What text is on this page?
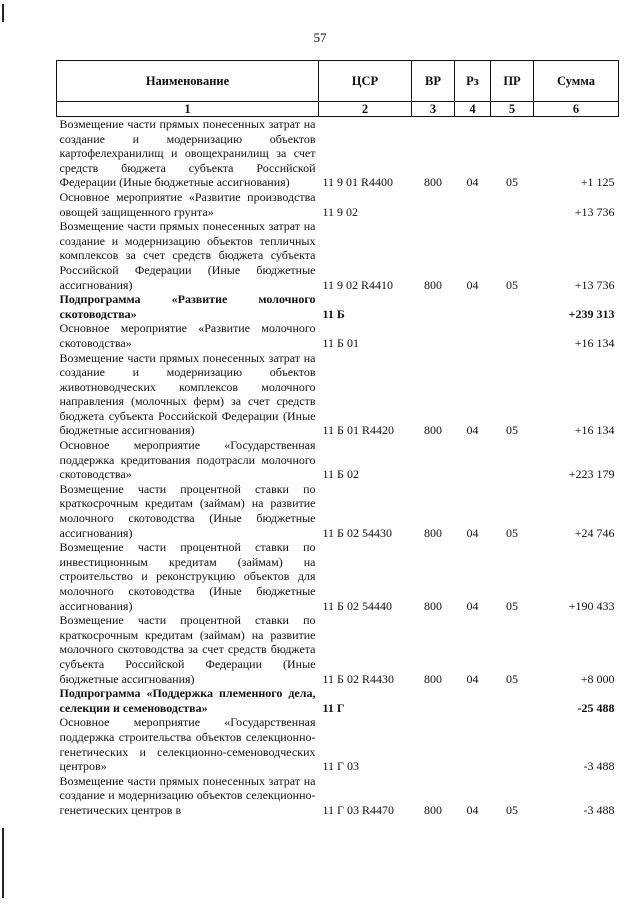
57
Наименование	ЦСР	ВР	Рз	ПР	Сумма
1	2	3	4	5	6
Возмещение части прямых понесенных затрат на создание и модернизацию объектов картофелехранилищ и овощехранилищ за счет средств бюджета субъекта Российской Федерации (Иные бюджетные ассигнования)	11 9 01 R4400	800	04	05	+1 125
Основное мероприятие «Развитие производства овощей защищенного грунта»	11 9 02				+13 736
Возмещение части прямых понесенных затрат на создание и модернизацию объектов тепличных комплексов за счет средств бюджета субъекта Российской Федерации (Иные бюджетные ассигнования)	11 9 02 R4410	800	04	05	+13 736
Подпрограмма «Развитие молочного скотоводства»	11 Б				+239 313
Основное мероприятие «Развитие молочного скотоводства»	11 Б 01				+16 134
Возмещение части прямых понесенных затрат на создание и модернизацию объектов животноводческих комплексов молочного направления (молочных ферм) за счет средств бюджета субъекта Российской Федерации (Иные бюджетные ассигнования)	11 Б 01 R4420	800	04	05	+16 134
Основное мероприятие «Государственная поддержка кредитования подотрасли молочного скотоводства»	11 Б 02				+223 179
Возмещение части процентной ставки по краткосрочным кредитам (займам) на развитие молочного скотоводства (Иные бюджетные ассигнования)	11 Б 02 54430	800	04	05	+24 746
Возмещение части процентной ставки по инвестиционным кредитам (займам) на строительство и реконструкцию объектов для молочного скотоводства (Иные бюджетные ассигнования)	11 Б 02 54440	800	04	05	+190 433
Возмещение части процентной ставки по краткосрочным кредитам (займам) на развитие молочного скотоводства за счет средств бюджета субъекта Российской Федерации (Иные бюджетные ассигнования)	11 Б 02 R4430	800	04	05	+8 000
Подпрограмма «Поддержка племенного дела, селекции и семеноводства»	11 Г				-25 488
Основное мероприятие «Государственная поддержка строительства объектов селекционно-генетических и селекционно-семеноводческих центров»	11 Г 03				-3 488
Возмещение части прямых понесенных затрат на создание и модернизацию объектов селекционно-генетических центров в	11 Г 03 R4470	800	04	05	-3 488
